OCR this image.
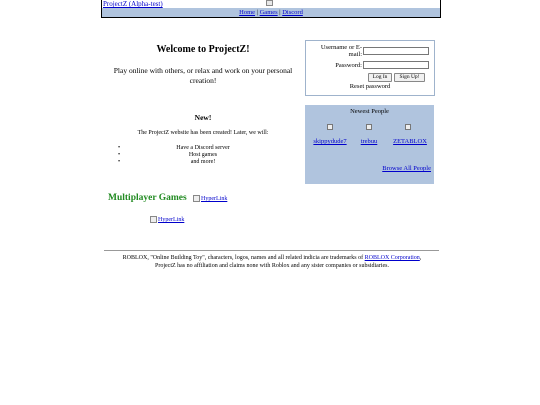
ProjectZ (Alpha-test)
Home | Games | Discord
Welcome to ProjectZ!
Play online with others, or relax and work on your personal creation!
Username or E-mail:
Password:
Log In	Sign Up!
Reset password
New!
The ProjectZ website has been created! Later, we will:
• Have a Discord server
• Host games
• and more!
Newest People
skippydude7	trebuu	ZETABLOX
Browse All People
Multiplayer Games	HyperLink
HyperLink
ROBLOX, "Online Building Toy", characters, logos, names and all related indicia are trademarks of ROBLOX Corporation, ProjectZ has no affiliation and claims none with Roblox and any sister companies or subsidiaries.
